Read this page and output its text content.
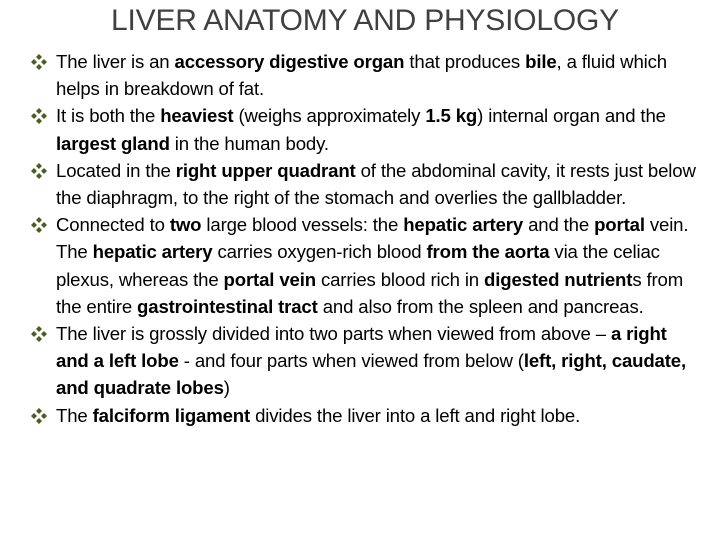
LIVER ANATOMY AND PHYSIOLOGY
The liver is an accessory digestive organ that produces bile, a fluid which helps in breakdown of fat.
It is both the heaviest (weighs approximately 1.5 kg) internal organ and the largest gland in the human body.
Located in the right upper quadrant of the abdominal cavity, it rests just below the diaphragm, to the right of the stomach and overlies the gallbladder.
Connected to two large blood vessels: the hepatic artery and the portal vein. The hepatic artery carries oxygen-rich blood from the aorta via the celiac plexus, whereas the portal vein carries blood rich in digested nutrients from the entire gastrointestinal tract and also from the spleen and pancreas.
The liver is grossly divided into two parts when viewed from above – a right and a left lobe - and four parts when viewed from below (left, right, caudate, and quadrate lobes)
The falciform ligament divides the liver into a left and right lobe.
